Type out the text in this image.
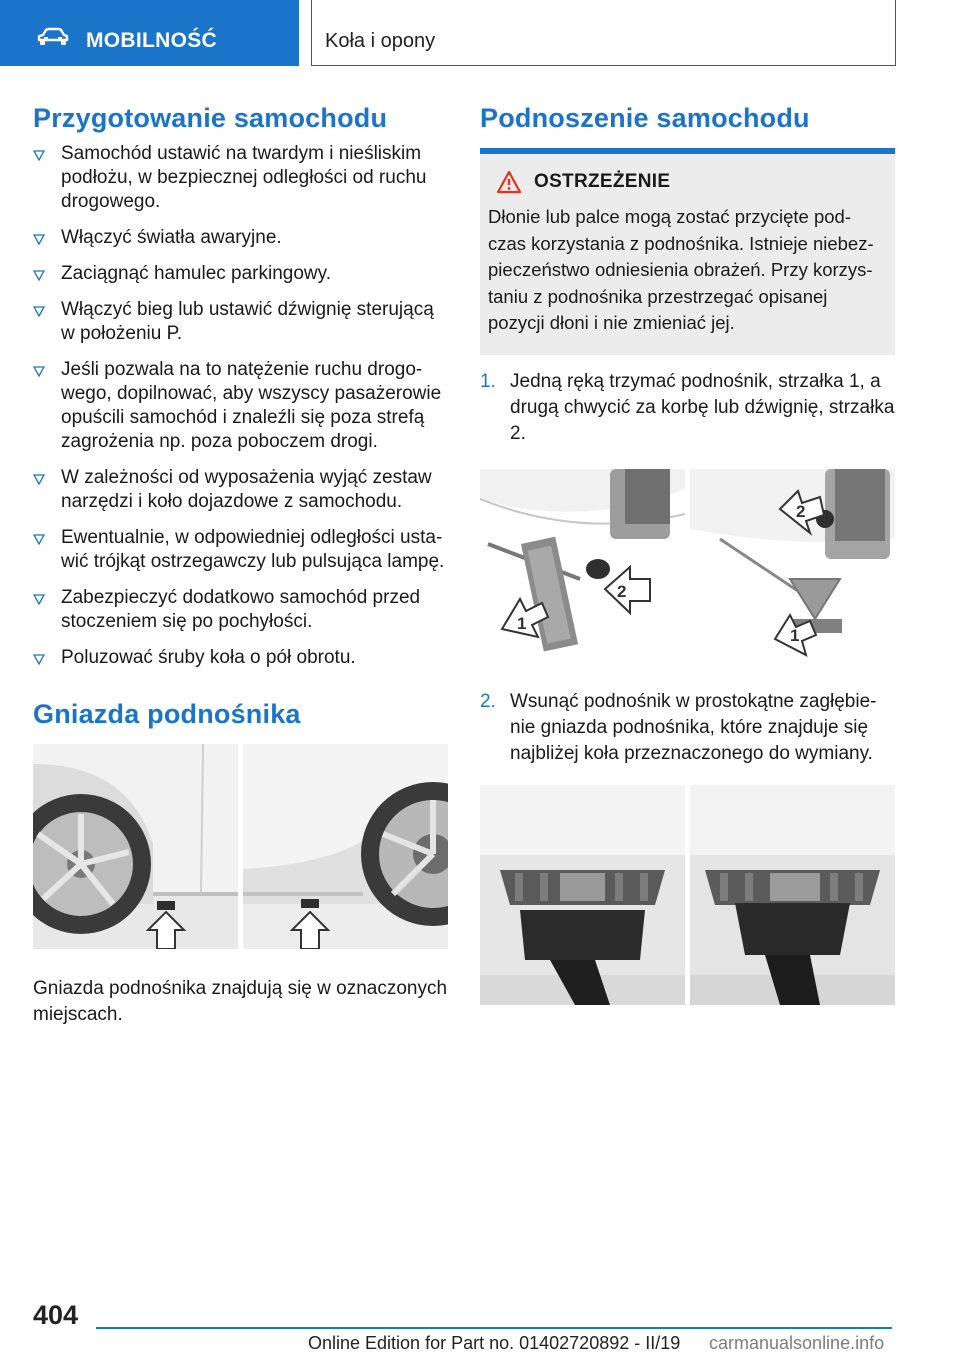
MOBILNOŚĆ	Koła i opony
Przygotowanie samochodu
Samochód ustawić na twardym i nieśliskim podłożu, w bezpiecznej odległości od ruchu drogowego.
Włączyć światła awaryjne.
Zaciągnąć hamulec parkingowy.
Włączyć bieg lub ustawić dźwignię sterującą w położeniu P.
Jeśli pozwala na to natężenie ruchu drogo-wego, dopilnować, aby wszyscy pasażerowie opuścili samochód i znaleźli się poza strefą zagrożenia np. poza poboczem drogi.
W zależności od wyposażenia wyjąć zestaw narzędzi i koło dojazdowe z samochodu.
Ewentualnie, w odpowiedniej odległości usta-wić trójkąt ostrzegawczy lub pulsująca lampę.
Zabezpieczyć dodatkowo samochód przed stoczeniem się po pochyłości.
Poluzować śruby koła o pół obrotu.
Gniazda podnośnika

Gniazda podnośnika znajdują się w oznaczonych miejscach.

Podnoszenie samochodu
OSTRZEŻENIE

Dłonie lub palce mogą zostać przycięte pod-czas korzystania z podnośnika. Istnieje niebez-pieczeństwo odniesienia obrażeń. Przy korzys-taniu z podnośnika przestrzegać opisanej pozycji dłoni i nie zmieniać jej.

1. Jedną ręką trzymać podnośnik, strzałka 1, a drugą chwycić za korbę lub dźwignię, strzałka 2.
1
2
2
1
2. Wsunąć podnośnik w prostokątne zagłębie-nie gniazda podnośnika, które znajduje się najbliżej koła przeznaczonego do wymiany.
404
Online Edition for Part no. 01402720892 - II/19 carmanualsonline.info
